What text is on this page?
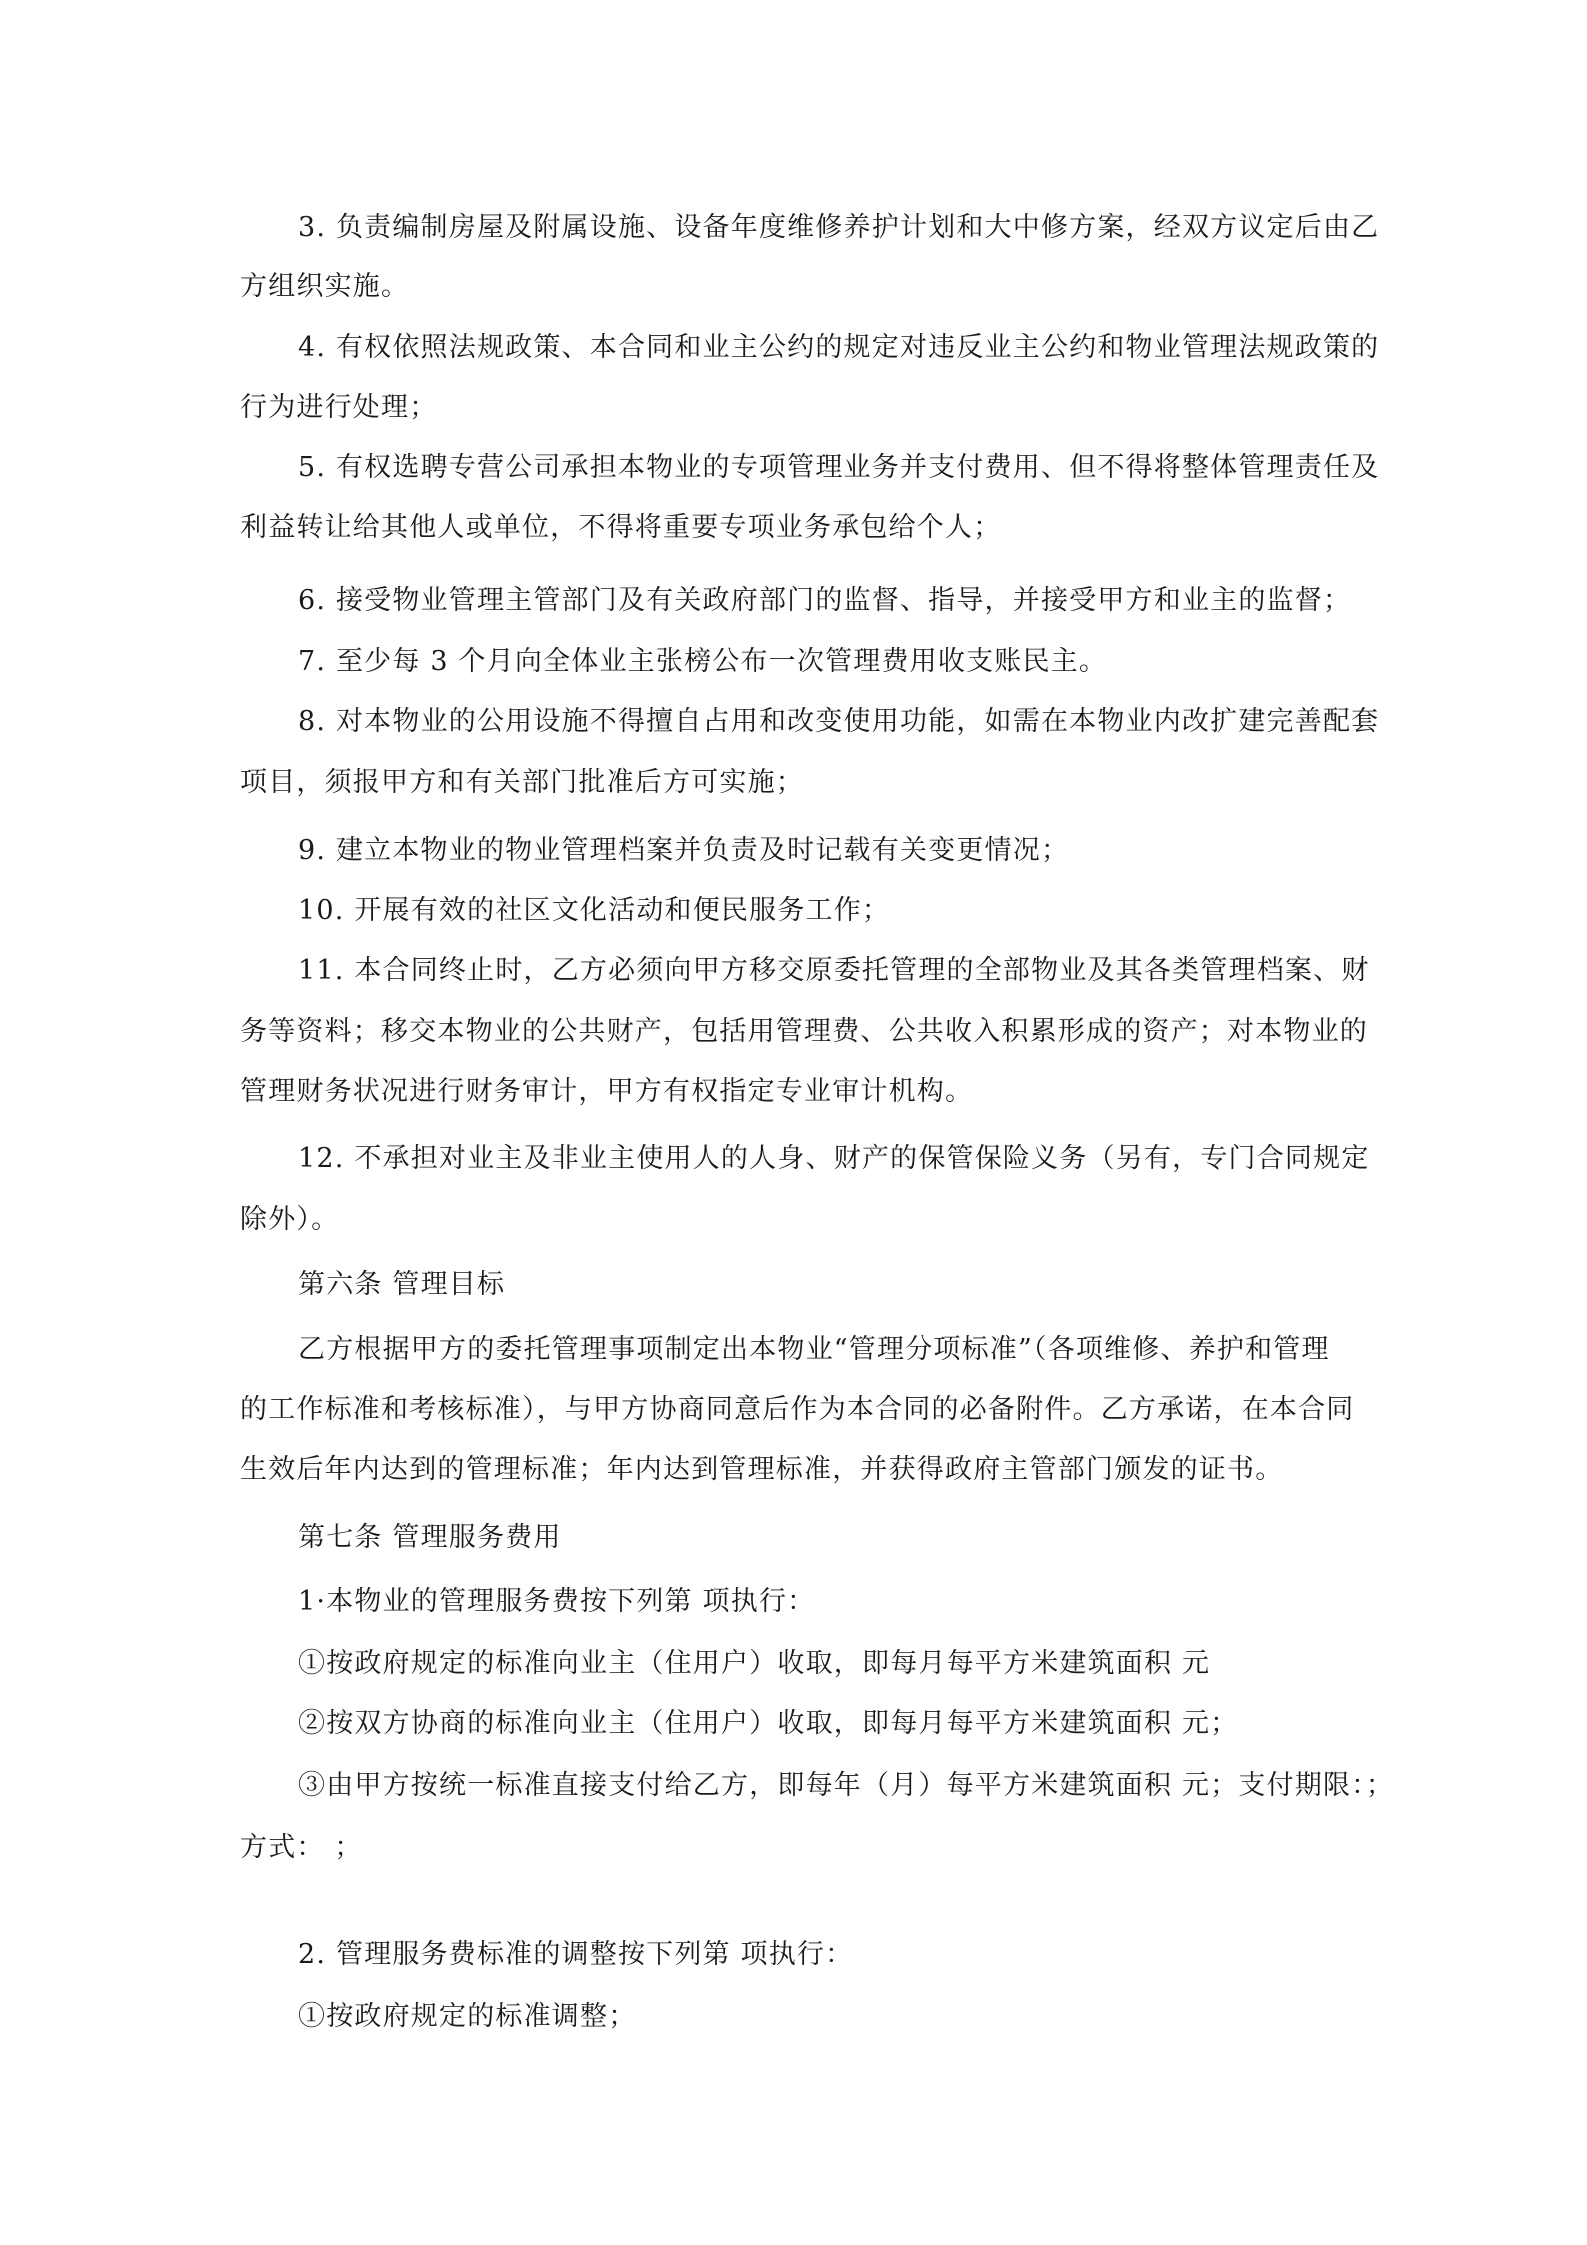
3. 负责编制房屋及附属设施、设备年度维修养护计划和大中修方案，经双方议定后由乙
方组织实施。
4. 有权依照法规政策、本合同和业主公约的规定对违反业主公约和物业管理法规政策的
行为进行处理；
5. 有权选聘专营公司承担本物业的专项管理业务并支付费用、但不得将整体管理责任及
利益转让给其他人或单位，不得将重要专项业务承包给个人；
6. 接受物业管理主管部门及有关政府部门的监督、指导，并接受甲方和业主的监督；
7. 至少每 3 个月向全体业主张榜公布一次管理费用收支账民主。
8. 对本物业的公用设施不得擅自占用和改变使用功能，如需在本物业内改扩建完善配套
项目，须报甲方和有关部门批准后方可实施；
9. 建立本物业的物业管理档案并负责及时记载有关变更情况；
10. 开展有效的社区文化活动和便民服务工作；
11. 本合同终止时，乙方必须向甲方移交原委托管理的全部物业及其各类管理档案、财
务等资料；移交本物业的公共财产，包括用管理费、公共收入积累形成的资产；对本物业的
管理财务状况进行财务审计，甲方有权指定专业审计机构。
12. 不承担对业主及非业主使用人的人身、财产的保管保险义务（另有，专门合同规定
除外）。
第六条 管理目标
乙方根据甲方的委托管理事项制定出本物业“管理分项标准”（各项维修、养护和管理
的工作标准和考核标准），与甲方协商同意后作为本合同的必备附件。乙方承诺，在本合同
生效后年内达到的管理标准；年内达到管理标准，并获得政府主管部门颁发的证书。
第七条 管理服务费用
1·本物业的管理服务费按下列第 项执行：
①按政府规定的标准向业主（住用户）收取，即每月每平方米建筑面积 元
②按双方协商的标准向业主（住用户）收取，即每月每平方米建筑面积 元；
③由甲方按统一标准直接支付给乙方，即每年（月）每平方米建筑面积 元；支付期限：；
方式： ；
2. 管理服务费标准的调整按下列第 项执行：
①按政府规定的标准调整；
